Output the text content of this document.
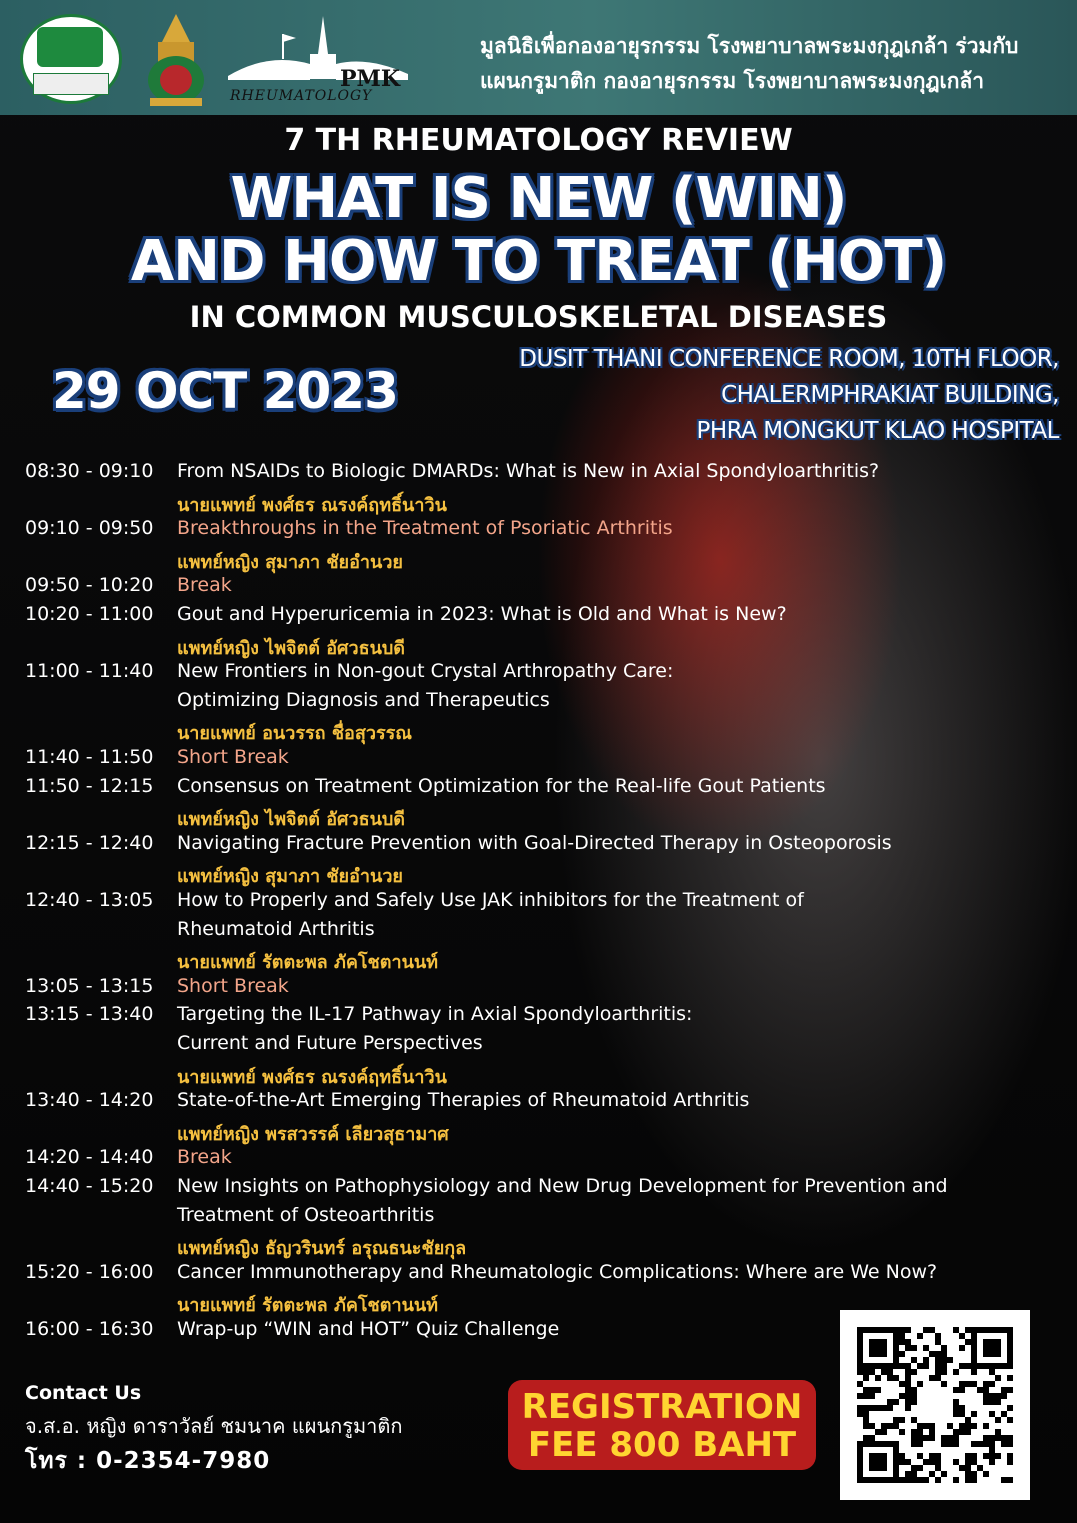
PMK
RHEUMATOLOGY
มูลนิธิเพื่อกองอายุรกรรม โรงพยาบาลพระมงกุฎเกล้า ร่วมกับ
แผนกรูมาติก กองอายุรกรรม โรงพยาบาลพระมงกุฎเกล้า
7 TH RHEUMATOLOGY REVIEW
WHAT IS NEW (WIN)
AND HOW TO TREAT (HOT)
IN COMMON MUSCULOSKELETAL DISEASES
29 OCT 2023
DUSIT THANI CONFERENCE ROOM, 10TH FLOOR,
CHALERMPHRAKIAT BUILDING,
PHRA MONGKUT KLAO HOSPITAL
08:30 - 09:10 From NSAIDs to Biologic DMARDs: What is New in Axial Spondyloarthritis?
นายแพทย์ พงศ์ธร ณรงค์ฤทธิ์นาวิน
09:10 - 09:50 Breakthroughs in the Treatment of Psoriatic Arthritis
แพทย์หญิง สุมาภา ชัยอำนวย
09:50 - 10:20 Break
10:20 - 11:00 Gout and Hyperuricemia in 2023: What is Old and What is New?
แพทย์หญิง ไพจิตต์ อัศวธนบดี
11:00 - 11:40 New Frontiers in Non-gout Crystal Arthropathy Care:
Optimizing Diagnosis and Therapeutics
นายแพทย์ อนวรรถ ชื่อสุวรรณ
11:40 - 11:50 Short Break
11:50 - 12:15 Consensus on Treatment Optimization for the Real-life Gout Patients
แพทย์หญิง ไพจิตต์ อัศวธนบดี
12:15 - 12:40 Navigating Fracture Prevention with Goal-Directed Therapy in Osteoporosis
แพทย์หญิง สุมาภา ชัยอำนวย
12:40 - 13:05 How to Properly and Safely Use JAK inhibitors for the Treatment of
Rheumatoid Arthritis
นายแพทย์ รัตตะพล ภัคโชตานนท์
13:05 - 13:15 Short Break
13:15 - 13:40 Targeting the IL-17 Pathway in Axial Spondyloarthritis:
Current and Future Perspectives
นายแพทย์ พงศ์ธร ณรงค์ฤทธิ์นาวิน
13:40 - 14:20 State-of-the-Art Emerging Therapies of Rheumatoid Arthritis
แพทย์หญิง พรสวรรค์ เลียวสุธามาศ
14:20 - 14:40 Break
14:40 - 15:20 New Insights on Pathophysiology and New Drug Development for Prevention and
Treatment of Osteoarthritis
แพทย์หญิง ธัญวรินทร์ อรุณธนะชัยกุล
15:20 - 16:00 Cancer Immunotherapy and Rheumatologic Complications: Where are We Now?
นายแพทย์ รัตตะพล ภัคโชตานนท์
16:00 - 16:30 Wrap-up “WIN and HOT” Quiz Challenge
Contact Us
จ.ส.อ. หญิง ดาราวัลย์ ชมนาค แผนกรูมาติก
โทร : 0-2354-7980
REGISTRATION
FEE 800 BAHT
